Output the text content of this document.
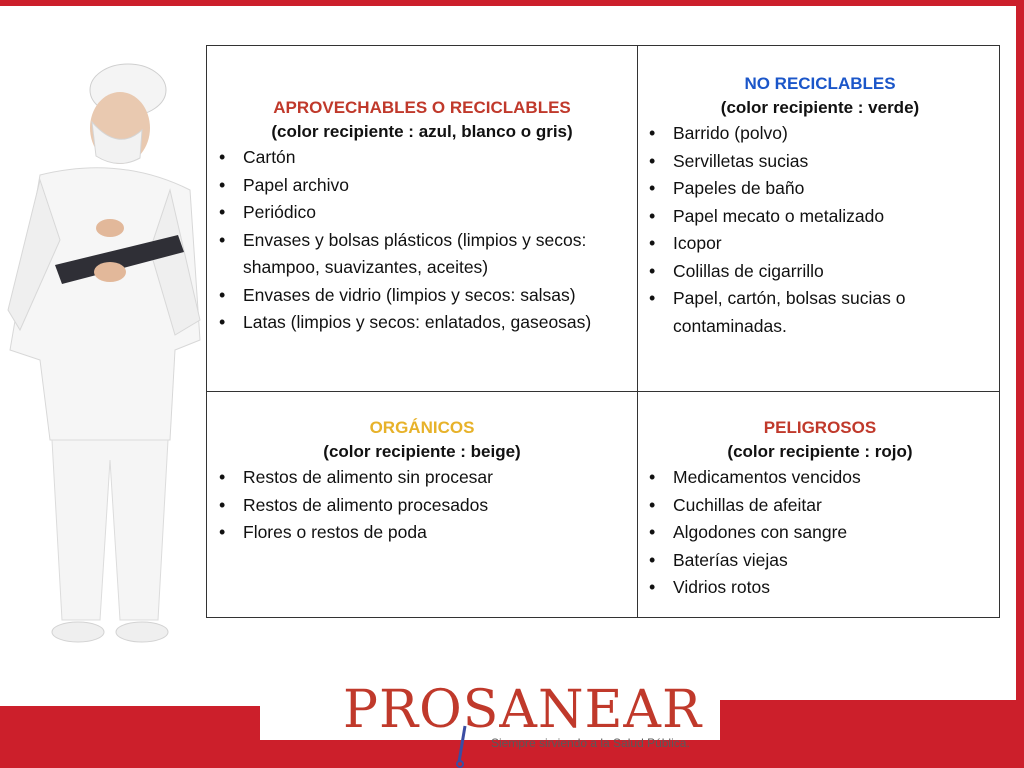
APROVECHABLES O RECICLABLES
(color recipiente : azul, blanco o gris)
• Cartón
• Papel archivo
• Periódico
• Envases y bolsas plásticos (limpios y secos: shampoo, suavizantes, aceites)
• Envases de vidrio (limpios y secos: salsas)
• Latas (limpios y secos: enlatados, gaseosas)
NO RECICLABLES
(color recipiente : verde)
• Barrido (polvo)
• Servilletas sucias
• Papeles de baño
• Papel mecato o metalizado
• Icopor
• Colillas de cigarrillo
• Papel, cartón, bolsas sucias o contaminadas.
ORGÁNICOS
(color recipiente : beige)
• Restos de alimento sin procesar
• Restos de alimento procesados
• Flores o restos de poda
PELIGROSOS
(color recipiente : rojo)
• Medicamentos vencidos
• Cuchillas de afeitar
• Algodones con sangre
• Baterías viejas
• Vidrios rotos
PROSANEAR
Siempre sirviendo a la Salud Pública.
